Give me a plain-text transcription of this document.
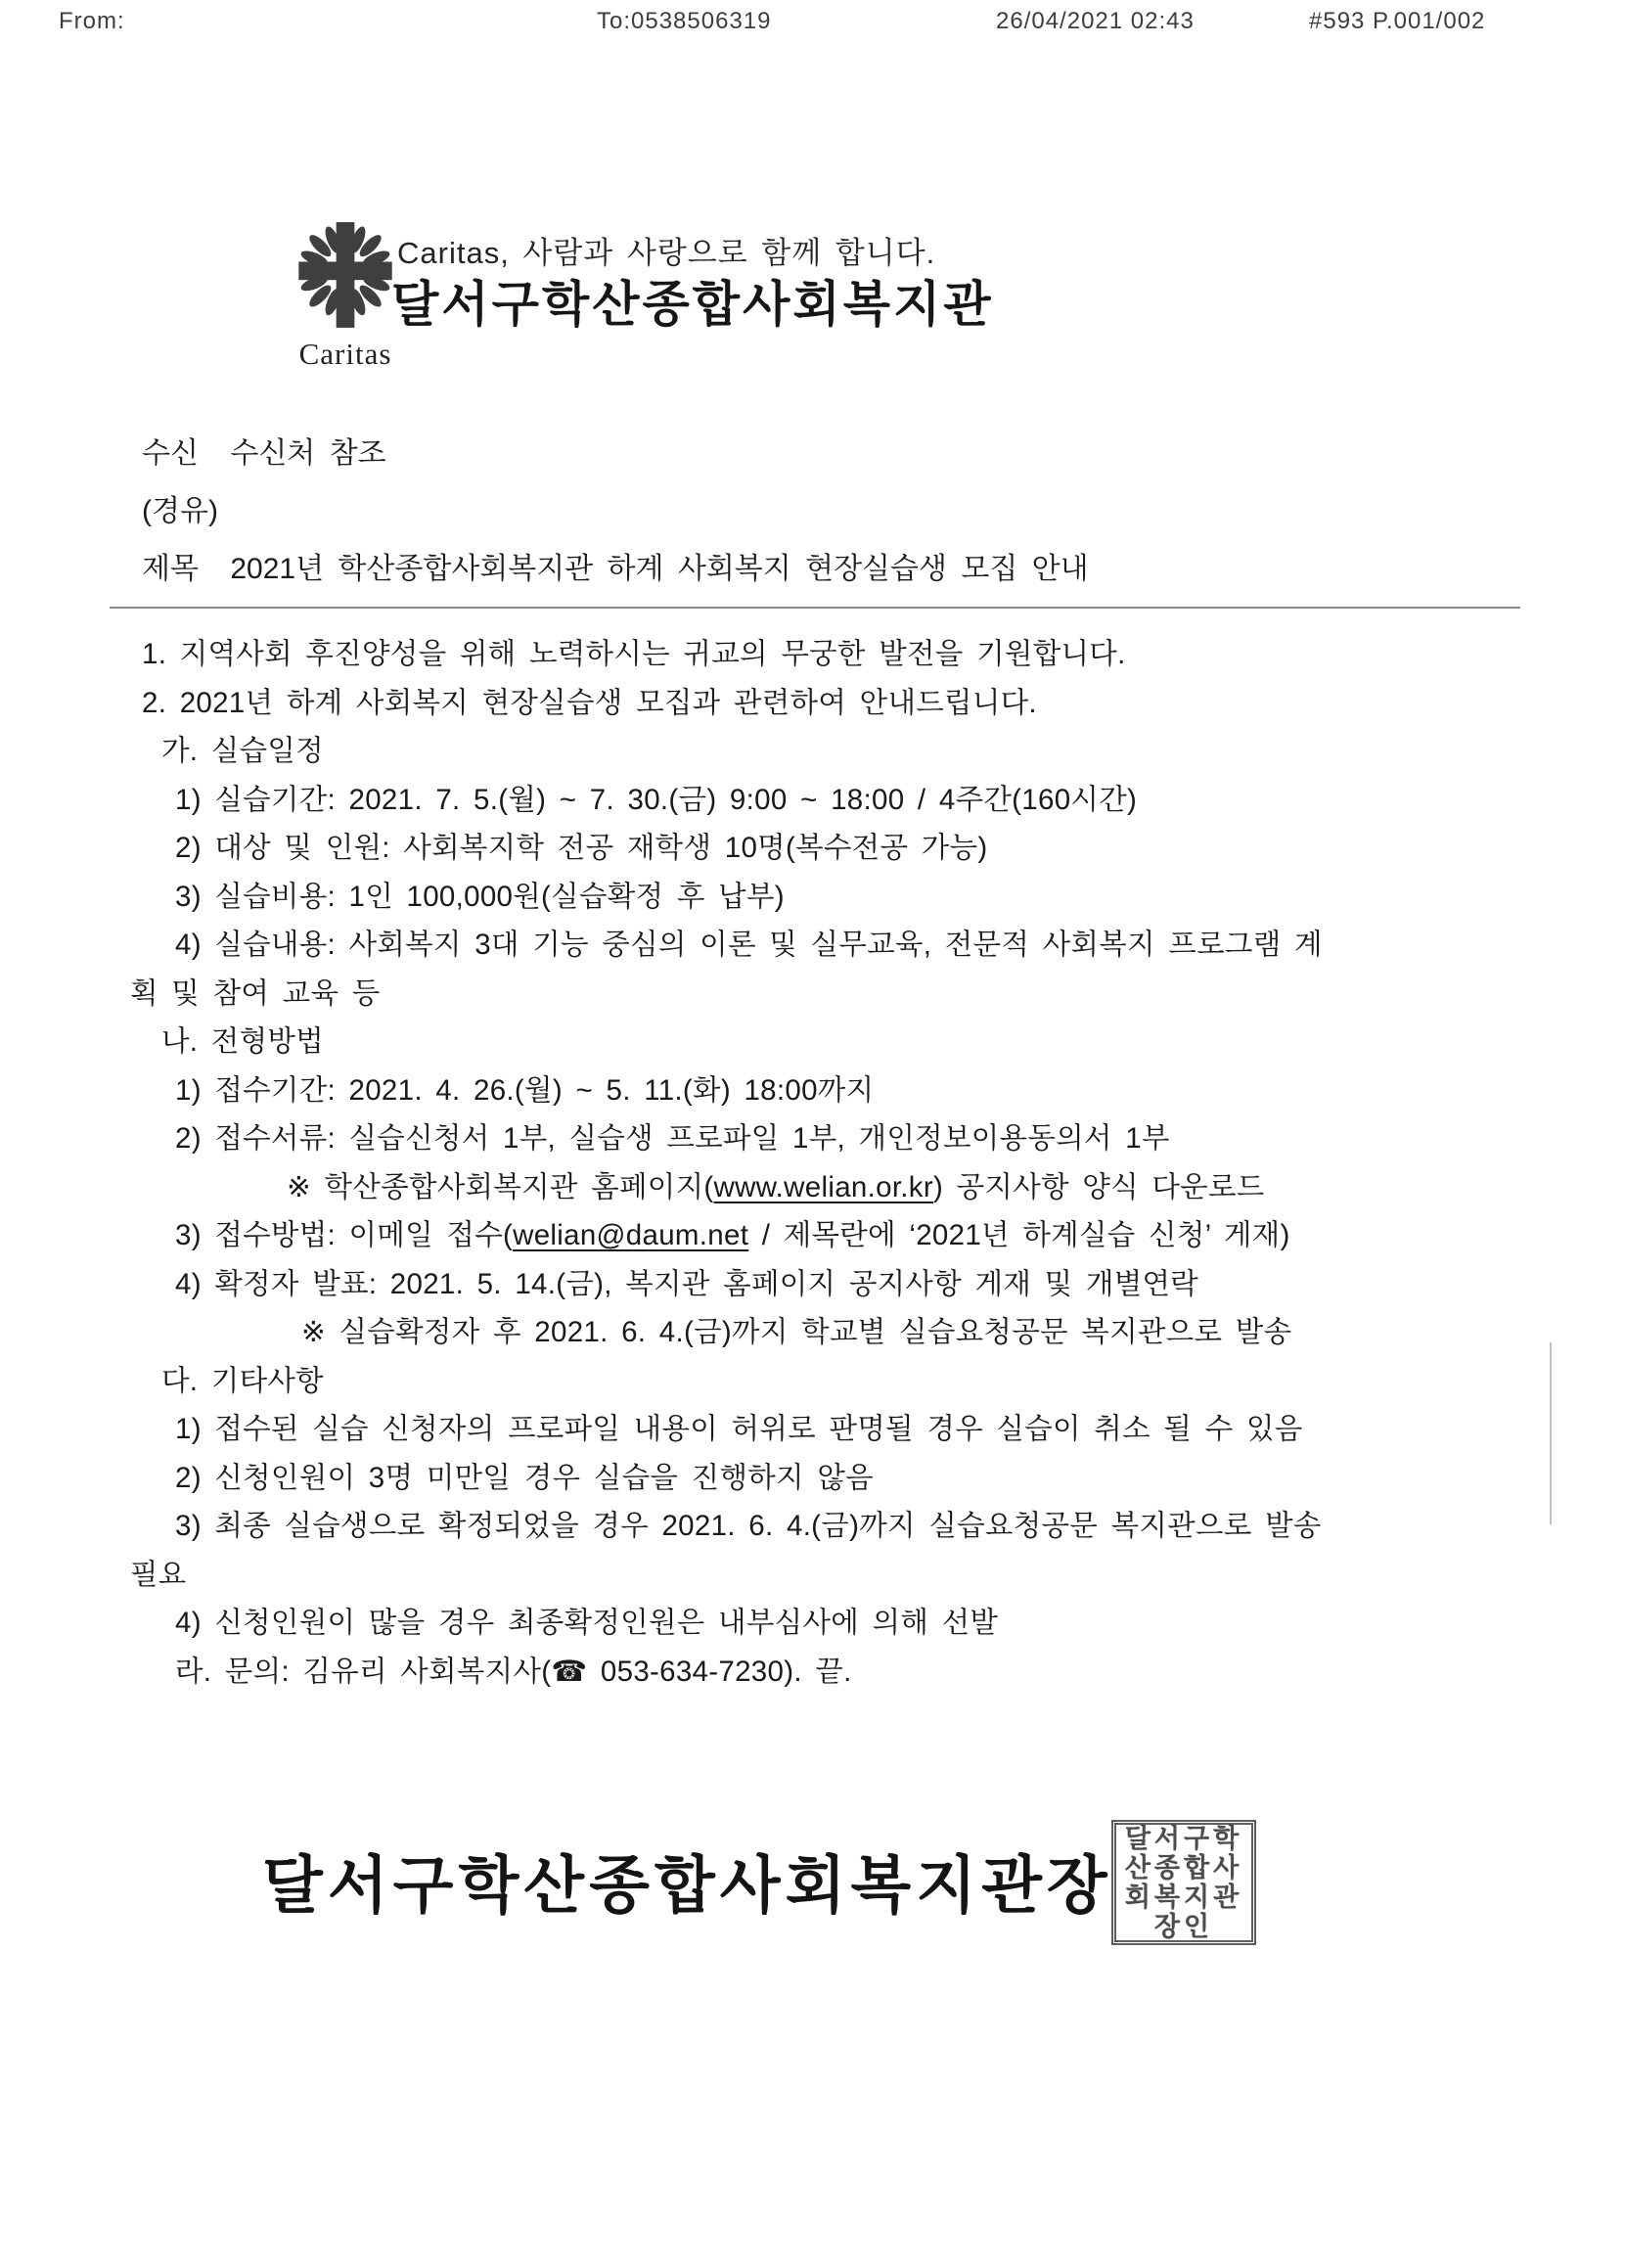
From:	To:0538506319	26/04/2021 02:43	#593 P.001/002
Caritas
Caritas, 사람과 사랑으로 함께 합니다.
달서구학산종합사회복지관
수신 수신처 참조
(경유)
제목 2021년 학산종합사회복지관 하계 사회복지 현장실습생 모집 안내
1. 지역사회 후진양성을 위해 노력하시는 귀교의 무궁한 발전을 기원합니다.
2. 2021년 하계 사회복지 현장실습생 모집과 관련하여 안내드립니다.
가. 실습일정
1) 실습기간: 2021. 7. 5.(월) ~ 7. 30.(금) 9:00 ~ 18:00 / 4주간(160시간)
2) 대상 및 인원: 사회복지학 전공 재학생 10명(복수전공 가능)
3) 실습비용: 1인 100,000원(실습확정 후 납부)
4) 실습내용: 사회복지 3대 기능 중심의 이론 및 실무교육, 전문적 사회복지 프로그램 계
획 및 참여 교육 등
나. 전형방법
1) 접수기간: 2021. 4. 26.(월) ~ 5. 11.(화) 18:00까지
2) 접수서류: 실습신청서 1부, 실습생 프로파일 1부, 개인정보이용동의서 1부
※ 학산종합사회복지관 홈페이지(www.welian.or.kr) 공지사항 양식 다운로드
3) 접수방법: 이메일 접수(welian@daum.net / 제목란에 ‘2021년 하계실습 신청’ 게재)
4) 확정자 발표: 2021. 5. 14.(금), 복지관 홈페이지 공지사항 게재 및 개별연락
※ 실습확정자 후 2021. 6. 4.(금)까지 학교별 실습요청공문 복지관으로 발송
다. 기타사항
1) 접수된 실습 신청자의 프로파일 내용이 허위로 판명될 경우 실습이 취소 될 수 있음
2) 신청인원이 3명 미만일 경우 실습을 진행하지 않음
3) 최종 실습생으로 확정되었을 경우 2021. 6. 4.(금)까지 실습요청공문 복지관으로 발송
필요
4) 신청인원이 많을 경우 최종확정인원은 내부심사에 의해 선발
라. 문의: 김유리 사회복지사(☎ 053-634-7230). 끝.
달서구학산종합사회복지관장
달서구학산종합사회복지관장인
